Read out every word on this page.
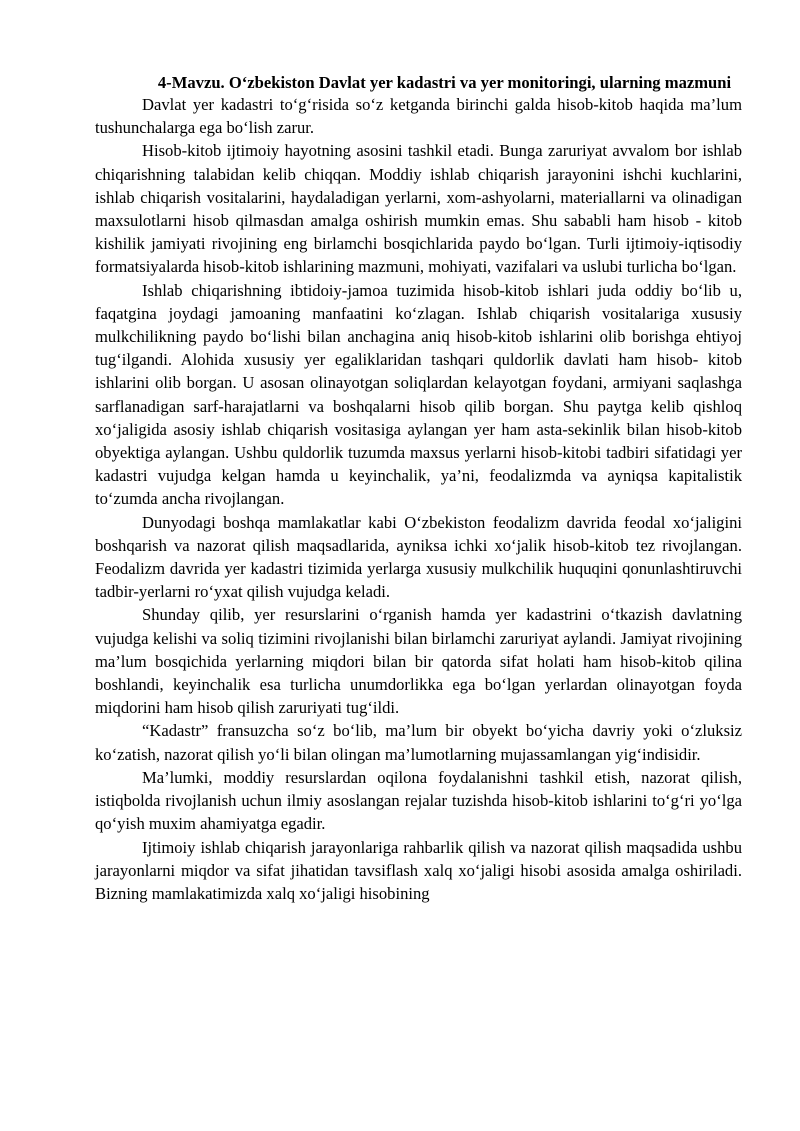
4-Mavzu. O‘zbekiston Davlat yer kadastri va yer monitoringi, ularning mazmuni

Davlat yer kadastri to‘g‘risida so‘z ketganda birinchi galda hisob-kitob haqida ma’lum tushunchalarga ega bo‘lish zarur.

Hisob-kitob ijtimoiy hayotning asosini tashkil etadi. Bunga zaruriyat avvalom bor ishlab chiqarishning talabidan kelib chiqqan. Moddiy ishlab chiqarish jarayonini ishchi kuchlarini, ishlab chiqarish vositalarini, haydaladigan yerlarni, xom-ashyolarni, materiallarni va olinadigan maxsulotlarni hisob qilmasdan amalga oshirish mumkin emas. Shu sababli ham hisob - kitob kishilik jamiyati rivojining eng birlamchi bosqichlarida paydo bo‘lgan. Turli ijtimoiy-iqtisodiy formatsiyalarda hisob-kitob ishlarining mazmuni, mohiyati, vazifalari va uslubi turlicha bo‘lgan.

Ishlab chiqarishning ibtidoiy-jamoa tuzimida hisob-kitob ishlari juda oddiy bo‘lib u, faqatgina joydagi jamoaning manfaatini ko‘zlagan. Ishlab chiqarish vositalariga xususiy mulkchilikning paydo bo‘lishi bilan anchagina aniq hisob-kitob ishlarini olib borishga ehtiyoj tug‘ilgandi. Alohida xususiy yer egaliklaridan tashqari quldorlik davlati ham hisob- kitob ishlarini olib borgan. U asosan olinayotgan soliqlardan kelayotgan foydani, armiyani saqlashga sarflanadigan sarf-harajatlarni va boshqalarni hisob qilib borgan. Shu paytga kelib qishloq xo‘jaligida asosiy ishlab chiqarish vositasiga aylangan yer ham asta-sekinlik bilan hisob-kitob obyektiga aylangan. Ushbu quldorlik tuzumda maxsus yerlarni hisob-kitobi tadbiri sifatidagi yer kadastri vujudga kelgan hamda u keyinchalik, ya’ni, feodalizmda va ayniqsa kapitalistik to‘zumda ancha rivojlangan.

Dunyodagi boshqa mamlakatlar kabi O‘zbekiston feodalizm davrida feodal xo‘jaligini boshqarish va nazorat qilish maqsadlarida, ayniksa ichki xo‘jalik hisob-kitob tez rivojlangan. Feodalizm davrida yer kadastri tizimida yerlarga xususiy mulkchilik huquqini qonunlashtiruvchi tadbir-yerlarni ro‘yxat qilish vujudga keladi.

Shunday qilib, yer resurslarini o‘rganish hamda yer kadastrini o‘tkazish davlatning vujudga kelishi va soliq tizimini rivojlanishi bilan birlamchi zaruriyat aylandi. Jamiyat rivojining ma’lum bosqichida yerlarning miqdori bilan bir qatorda sifat holati ham hisob-kitob qilina boshlandi, keyinchalik esa turlicha unumdorlikka ega bo‘lgan yerlardan olinayotgan foyda miqdorini ham hisob qilish zaruriyati tug‘ildi.

“Kadastr” fransuzcha so‘z bo‘lib, ma’lum bir obyekt bo‘yicha davriy yoki o‘zluksiz ko‘zatish, nazorat qilish yo‘li bilan olingan ma’lumotlarning mujassamlangan yig‘indisidir.

Ma’lumki, moddiy resurslardan oqilona foydalanishni tashkil etish, nazorat qilish, istiqbolda rivojlanish uchun ilmiy asoslangan rejalar tuzishda hisob-kitob ishlarini to‘g‘ri yo‘lga qo‘yish muxim ahamiyatga egadir.

Ijtimoiy ishlab chiqarish jarayonlariga rahbarlik qilish va nazorat qilish maqsadida ushbu jarayonlarni miqdor va sifat jihatidan tavsiflash xalq xo‘jaligi hisobi asosida amalga oshiriladi. Bizning mamlakatimizda xalq xo‘jaligi hisobining
